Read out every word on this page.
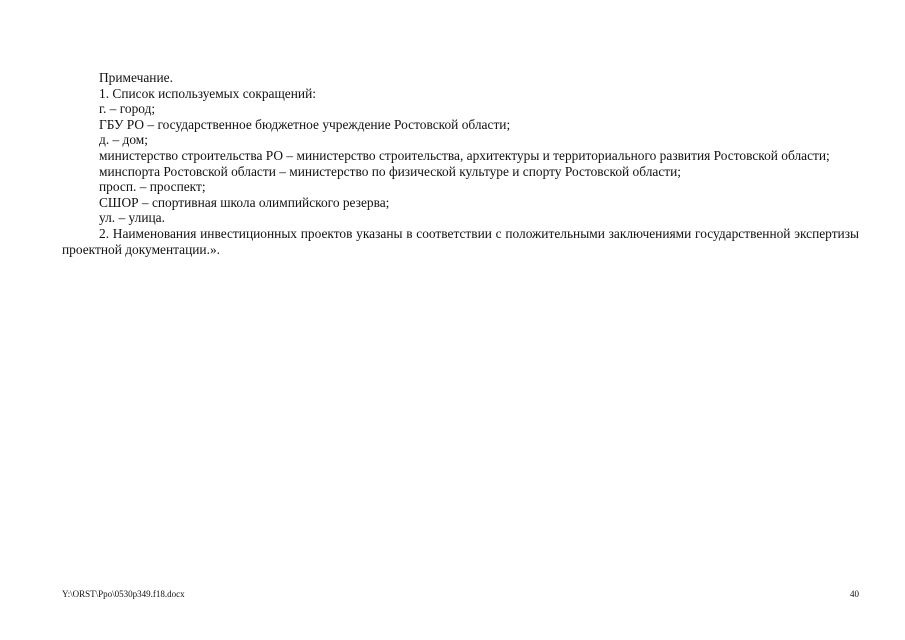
Примечание.

1. Список используемых сокращений:

г. – город;

ГБУ РО – государственное бюджетное учреждение Ростовской области;

д. – дом;

министерство строительства РО – министерство строительства, архитектуры и территориального развития Ростовской области;

минспорта Ростовской области – министерство по физической культуре и спорту Ростовской области;

просп. – проспект;

СШОР – спортивная школа олимпийского резерва;

ул. – улица.

2. Наименования инвестиционных проектов указаны в соответствии с положительными заключениями государственной экспертизы проектной документации.».

Y:\ORST\Ppo\0530p349.f18.docx	40
